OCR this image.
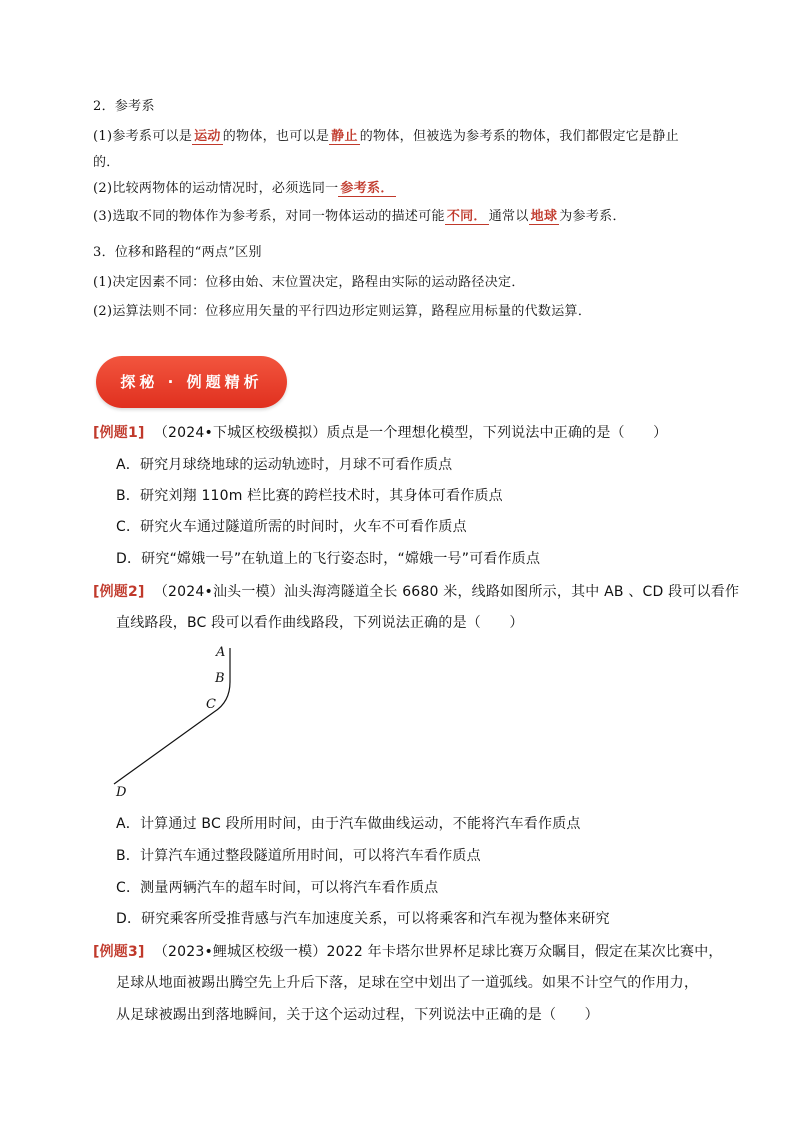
2．参考系
(1)参考系可以是 运动 的物体，也可以是 静止 的物体，但被选为参考系的物体，我们都假定它是静止
的．
(2)比较两物体的运动情况时，必须选同一 参考系．
(3)选取不同的物体作为参考系，对同一物体运动的描述可能 不同． 通常以 地球 为参考系．
3．位移和路程的“两点”区别
(1)决定因素不同：位移由始、末位置决定，路程由实际的运动路径决定．
(2)运算法则不同：位移应用矢量的平行四边形定则运算，路程应用标量的代数运算．
探秘 · 例题精析
[例题1] （2024•下城区校级模拟）质点是一个理想化模型，下列说法中正确的是（　　）
A．研究月球绕地球的运动轨迹时，月球不可看作质点
B．研究刘翔 110m 栏比赛的跨栏技术时，其身体可看作质点
C．研究火车通过隧道所需的时间时，火车不可看作质点
D．研究“嫦娥一号”在轨道上的飞行姿态时，“嫦娥一号”可看作质点
[例题2] （2024•汕头一模）汕头海湾隧道全长 6680 米，线路如图所示，其中 AB 、CD 段可以看作
直线路段，BC 段可以看作曲线路段，下列说法正确的是（　　）
A
B
C
D
A．计算通过 BC 段所用时间，由于汽车做曲线运动，不能将汽车看作质点
B．计算汽车通过整段隧道所用时间，可以将汽车看作质点
C．测量两辆汽车的超车时间，可以将汽车看作质点
D．研究乘客所受推背感与汽车加速度关系，可以将乘客和汽车视为整体来研究
[例题3] （2023•鲤城区校级一模）2022 年卡塔尔世界杯足球比赛万众瞩目，假定在某次比赛中，
足球从地面被踢出腾空先上升后下落，足球在空中划出了一道弧线。如果不计空气的作用力，
从足球被踢出到落地瞬间，关于这个运动过程，下列说法中正确的是（　　）
